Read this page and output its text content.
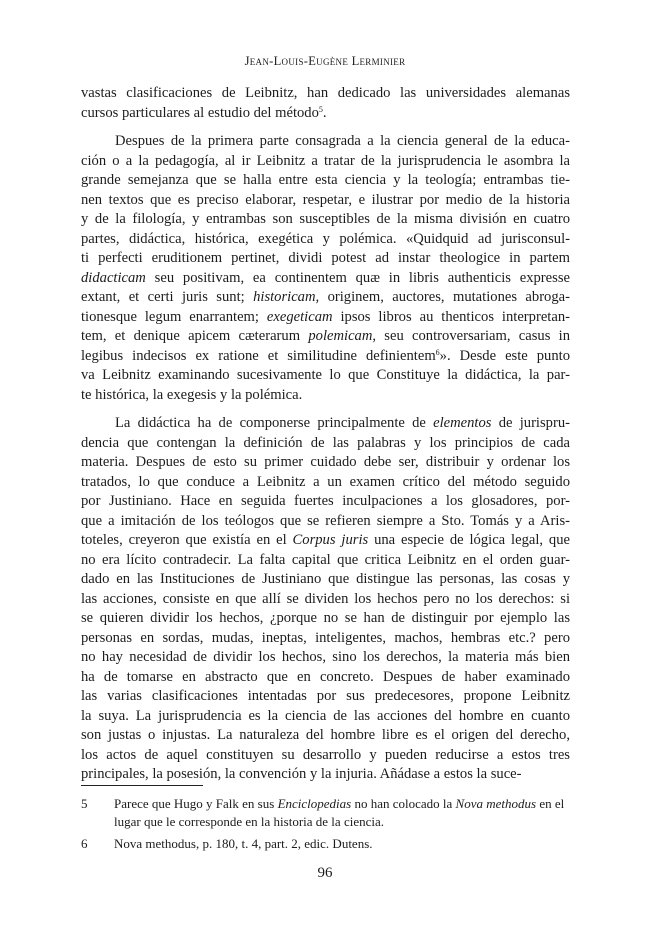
Jean-Louis-Eugène Lerminier
vastas clasificaciones de Leibnitz, han dedicado las universidades alemanas
cursos particulares al estudio del método$^5$.
Despues de la primera parte consagrada a la ciencia general de la educa-
ción o a la pedagogía, al ir Leibnitz a tratar de la jurisprudencia le asombra la
grande semejanza que se halla entre esta ciencia y la teología; entrambas tie-
nen textos que es preciso elaborar, respetar, e ilustrar por medio de la historia
y de la filología, y entrambas son susceptibles de la misma división en cuatro
partes, didáctica, histórica, exegética y polémica. «Quidquid ad jurisconsul-
ti perfecti eruditionem pertinet, dividi potest ad instar theologice in partem
didacticam seu positivam, ea continentem quæ in libris authenticis expresse
extant, et certi juris sunt; historicam, originem, auctores, mutationes abroga-
tionesque legum enarrantem; exegeticam ipsos libros au thenticos interpretan-
tem, et denique apicem cæterarum polemicam, seu controversariam, casus in
legibus indecisos ex ratione et similitudine definientem$^6$». Desde este punto
va Leibnitz examinando sucesivamente lo que Constituye la didáctica, la par-
te histórica, la exegesis y la polémica.
La didáctica ha de componerse principalmente de elementos de jurispru-
dencia que contengan la definición de las palabras y los principios de cada
materia. Despues de esto su primer cuidado debe ser, distribuir y ordenar los
tratados, lo que conduce a Leibnitz a un examen crítico del método seguido
por Justiniano. Hace en seguida fuertes inculpaciones a los glosadores, por-
que a imitación de los teólogos que se refieren siempre a Sto. Tomás y a Aris-
toteles, creyeron que existía en el Corpus juris una especie de lógica legal, que
no era lícito contradecir. La falta capital que critica Leibnitz en el orden guar-
dado en las Instituciones de Justiniano que distingue las personas, las cosas y
las acciones, consiste en que allí se dividen los hechos pero no los derechos: si
se quieren dividir los hechos, ¿porque no se han de distinguir por ejemplo las
personas en sordas, mudas, ineptas, inteligentes, machos, hembras etc.? pero
no hay necesidad de dividir los hechos, sino los derechos, la materia más bien
ha de tomarse en abstracto que en concreto. Despues de haber examinado
las varias clasificaciones intentadas por sus predecesores, propone Leibnitz
la suya. La jurisprudencia es la ciencia de las acciones del hombre en cuanto
son justas o injustas. La naturaleza del hombre libre es el origen del derecho,
los actos de aquel constituyen su desarrollo y pueden reducirse a estos tres
principales, la posesión, la convención y la injuria. Añádase a estos la suce-
5 Parece que Hugo y Falk en sus Enciclopedias no han colocado la Nova methodus en el lugar que le corresponde en la historia de la ciencia.
6 Nova methodus, p. 180, t. 4, part. 2, edic. Dutens.
96
